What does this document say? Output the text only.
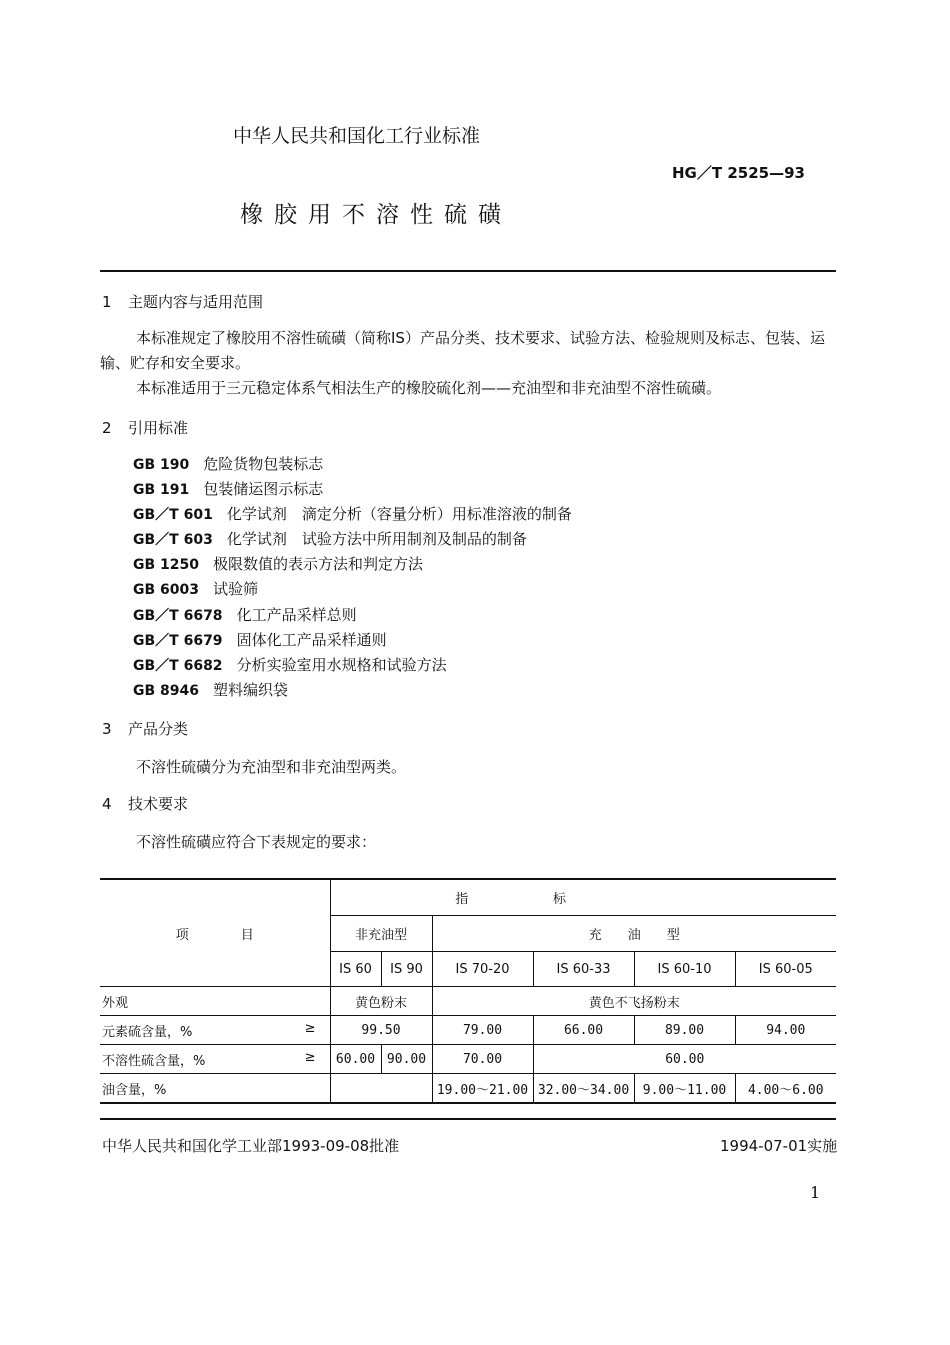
中华人民共和国化工行业标准
HG／T 2525—93
橡胶用不溶性硫磺
1 主题内容与适用范围
本标准规定了橡胶用不溶性硫磺（简称IS）产品分类、技术要求、试验方法、检验规则及标志、包装、运输、贮存和安全要求。
本标准适用于三元稳定体系气相法生产的橡胶硫化剂——充油型和非充油型不溶性硫磺。
2 引用标准
GB 190 危险货物包装标志
GB 191 包装储运图示标志
GB／T 601 化学试剂　滴定分析（容量分析）用标准溶液的制备
GB／T 603 化学试剂　试验方法中所用制剂及制品的制备
GB 1250 极限数值的表示方法和判定方法
GB 6003 试验筛
GB／T 6678 化工产品采样总则
GB／T 6679 固体化工产品采样通则
GB／T 6682 分析实验室用水规格和试验方法
GB 8946 塑料编织袋
3 产品分类
不溶性硫磺分为充油型和非充油型两类。
4 技术要求
不溶性硫磺应符合下表规定的要求：
项　　　　目	指			标		
	非充油型		充　　油　　型			
	IS 60	IS 90	IS 70-20	IS 60-33	IS 60-10	IS 60-05
外观	黄色粉末		黄色不飞扬粉末			
元素硫含量，% ≥	99.50		79.00	66.00	89.00	94.00
不溶性硫含量，% ≥	60.00	90.00	70.00	60.00		
油含量，%			19.00～21.00	32.00～34.00	9.00～11.00	4.00～6.00
中华人民共和国化学工业部1993-09-08批准	1994-07-01实施
1
